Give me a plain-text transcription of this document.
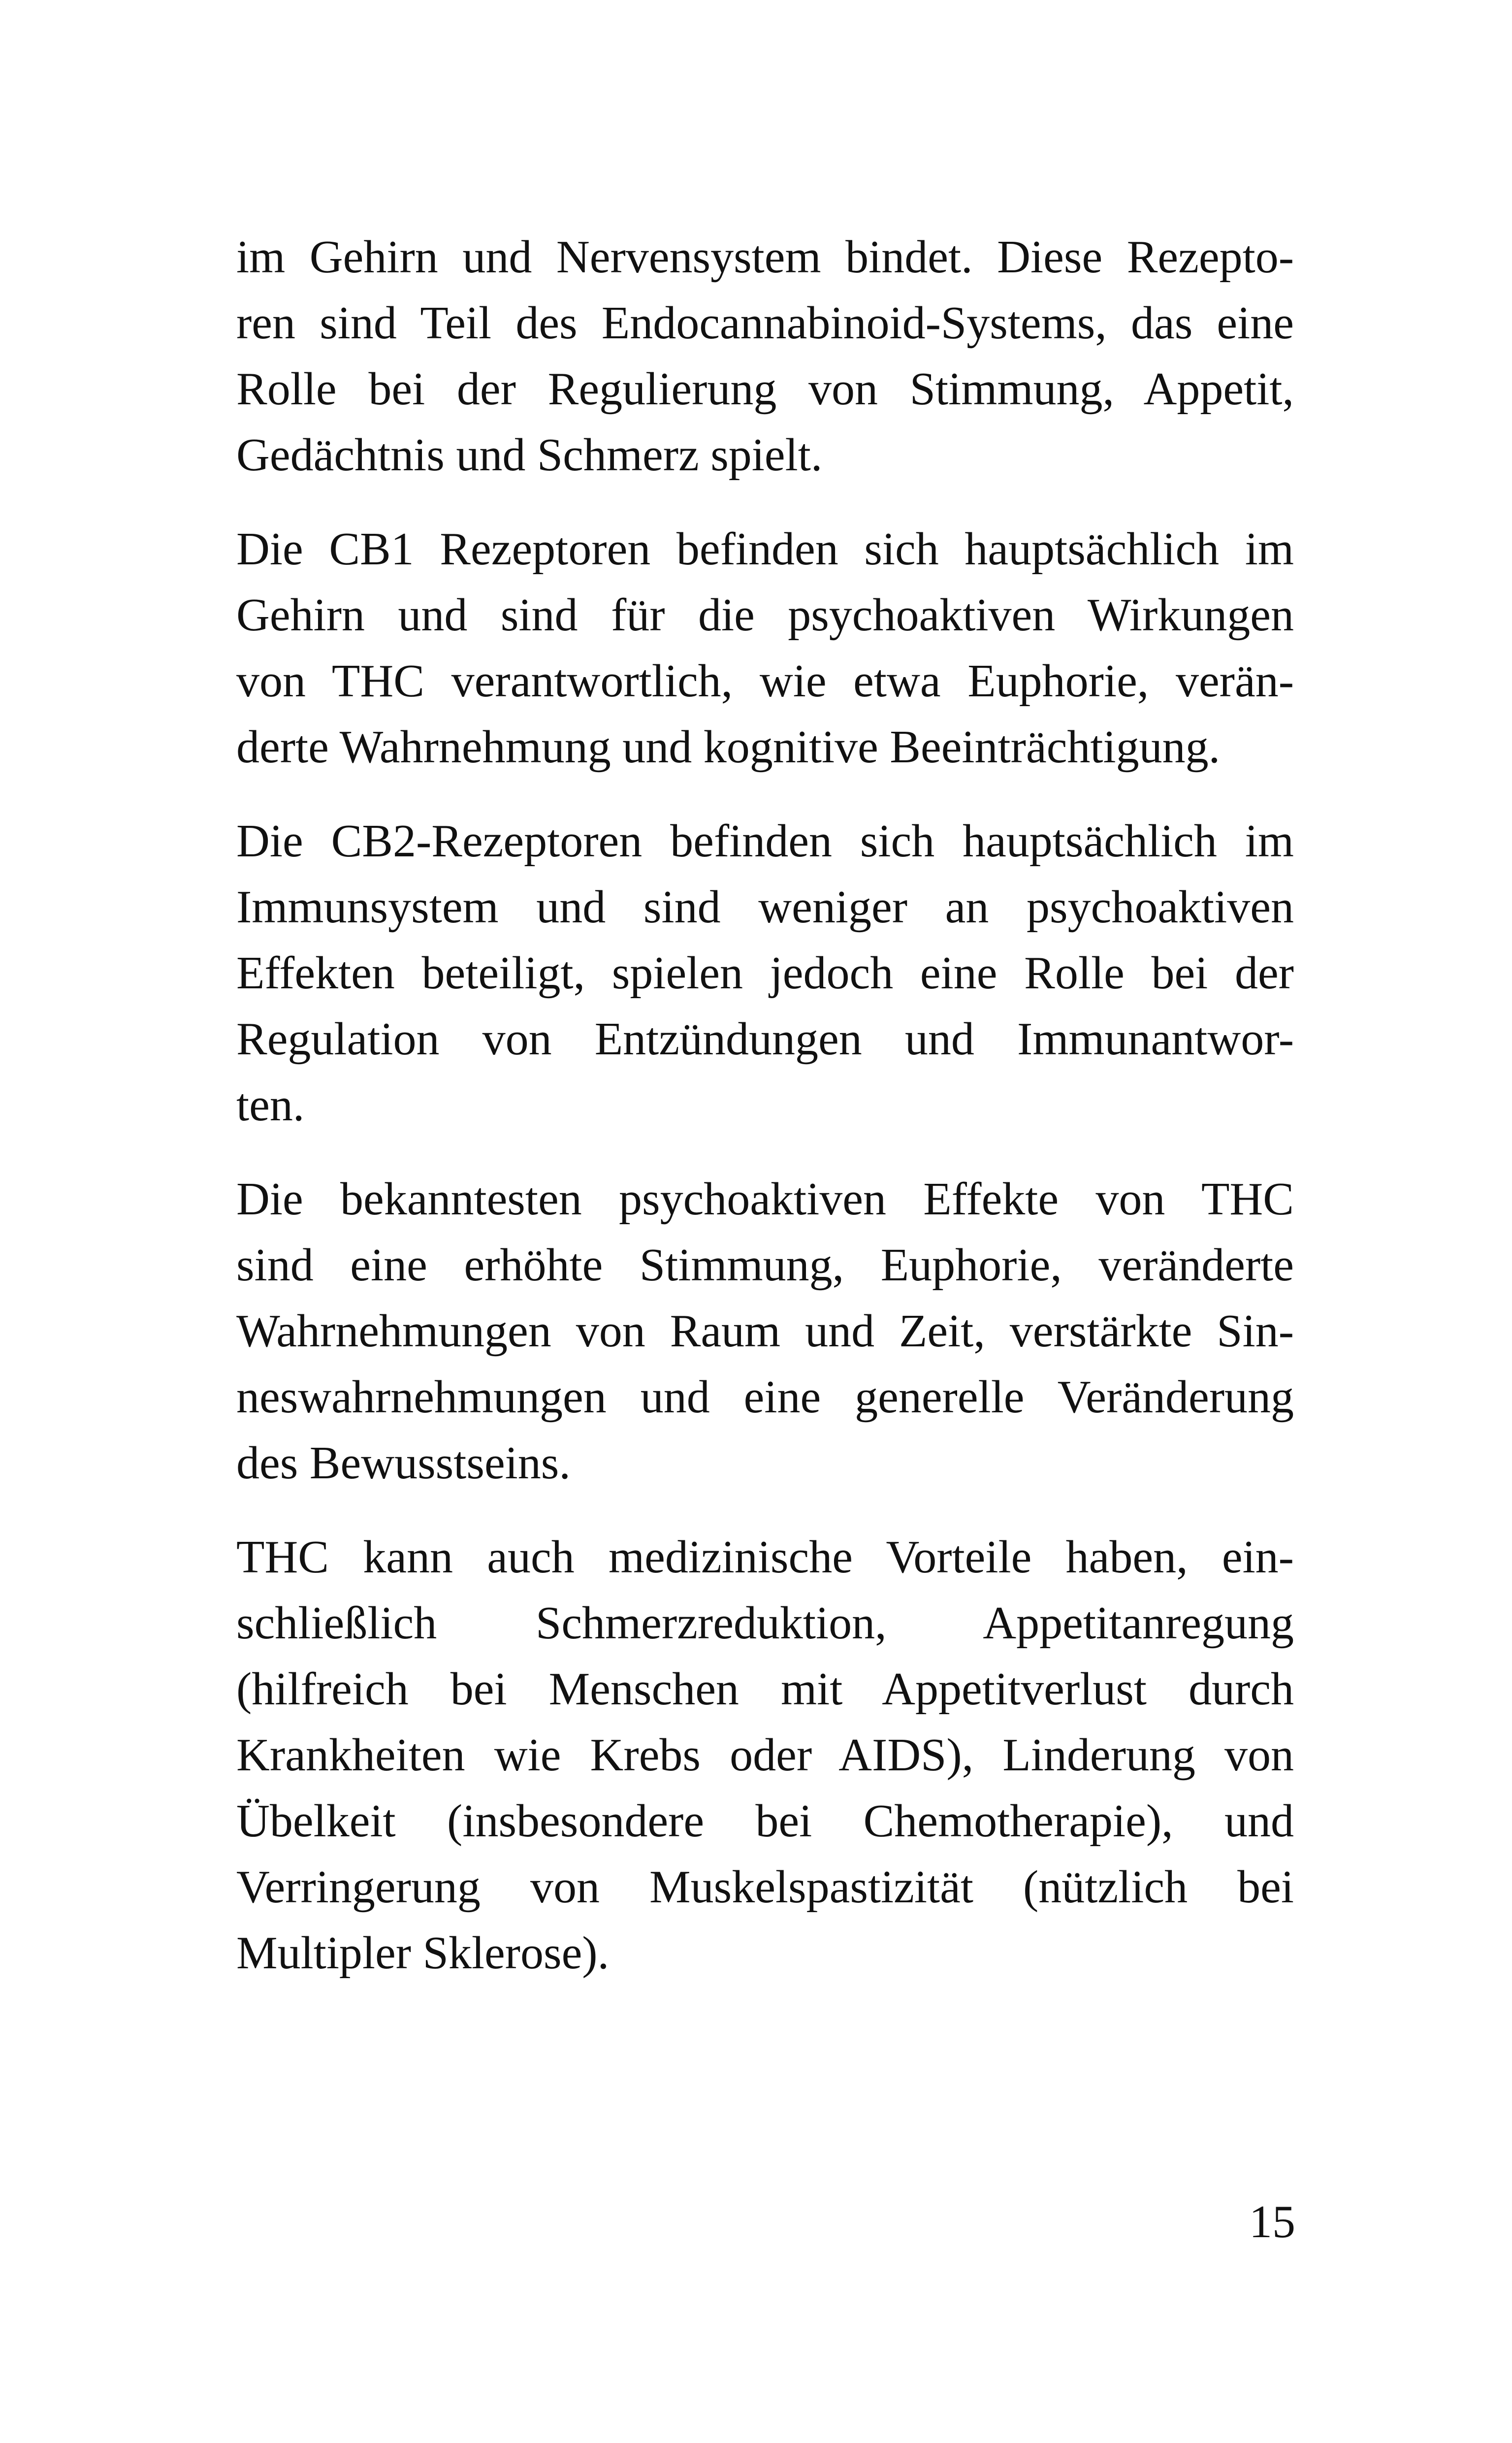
im Gehirn und Nervensystem bindet. Diese Rezepto-
ren sind Teil des Endocannabinoid-Systems, das eine
Rolle bei der Regulierung von Stimmung, Appetit,
Gedächtnis und Schmerz spielt.
Die CB1 Rezeptoren befinden sich hauptsächlich im
Gehirn und sind für die psychoaktiven Wirkungen
von THC verantwortlich, wie etwa Euphorie, verän-
derte Wahrnehmung und kognitive Beeinträchtigung.
Die CB2-Rezeptoren befinden sich hauptsächlich im
Immunsystem und sind weniger an psychoaktiven
Effekten beteiligt, spielen jedoch eine Rolle bei der
Regulation von Entzündungen und Immunantwor-
ten.
Die bekanntesten psychoaktiven Effekte von THC
sind eine erhöhte Stimmung, Euphorie, veränderte
Wahrnehmungen von Raum und Zeit, verstärkte Sin-
neswahrnehmungen und eine generelle Veränderung
des Bewusstseins.
THC kann auch medizinische Vorteile haben, ein-
schließlich Schmerzreduktion, Appetitanregung
(hilfreich bei Menschen mit Appetitverlust durch
Krankheiten wie Krebs oder AIDS), Linderung von
Übelkeit (insbesondere bei Chemotherapie), und
Verringerung von Muskelspastizität (nützlich bei
Multipler Sklerose).
15
